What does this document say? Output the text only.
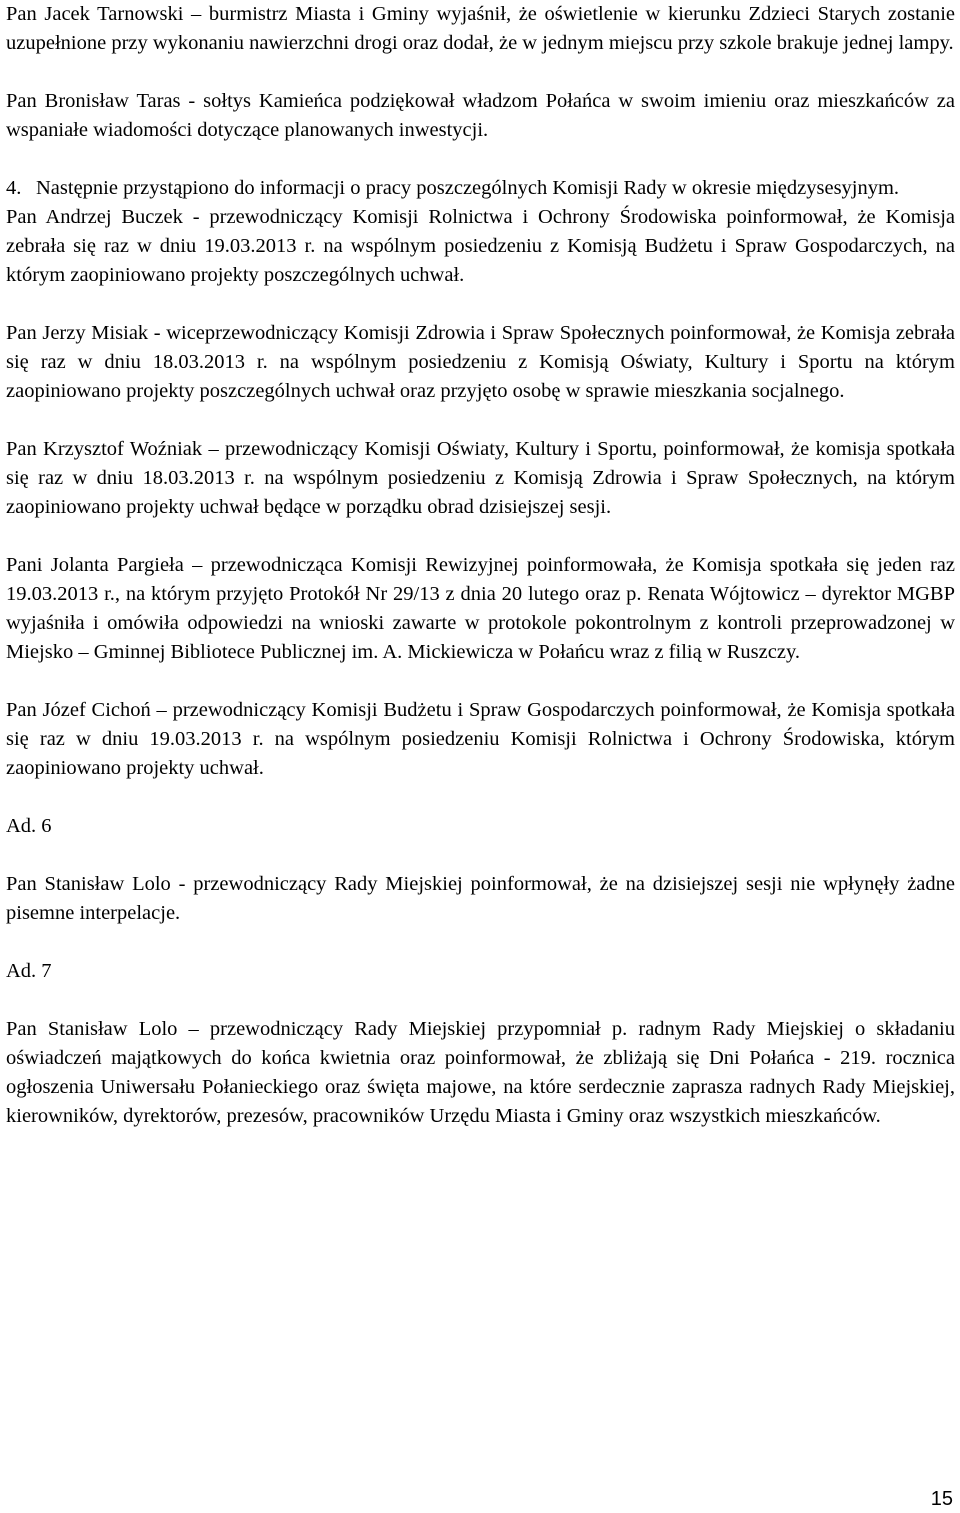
Pan Jacek Tarnowski – burmistrz Miasta i Gminy wyjaśnił, że oświetlenie w kierunku Zdzieci Starych zostanie uzupełnione przy wykonaniu nawierzchni drogi oraz dodał, że w jednym miejscu przy szkole brakuje jednej lampy.

Pan Bronisław Taras - sołtys Kamieńca podziękował władzom Połańca w swoim imieniu oraz mieszkańców za wspaniałe wiadomości dotyczące planowanych inwestycji.

4. Następnie przystąpiono do informacji o pracy poszczególnych Komisji Rady w okresie międzysesyjnym.

Pan Andrzej Buczek - przewodniczący Komisji Rolnictwa i Ochrony Środowiska poinformował, że Komisja zebrała się raz w dniu 19.03.2013 r. na wspólnym posiedzeniu z Komisją Budżetu i Spraw Gospodarczych, na którym zaopiniowano projekty poszczególnych uchwał.

Pan Jerzy Misiak - wiceprzewodniczący Komisji Zdrowia i Spraw Społecznych poinformował, że Komisja zebrała się raz w dniu 18.03.2013 r. na wspólnym posiedzeniu z Komisją Oświaty, Kultury i Sportu na którym zaopiniowano projekty poszczególnych uchwał oraz przyjęto osobę w sprawie mieszkania socjalnego.

Pan Krzysztof Woźniak – przewodniczący Komisji Oświaty, Kultury i Sportu, poinformował, że komisja spotkała się raz w dniu 18.03.2013 r. na wspólnym posiedzeniu z Komisją Zdrowia i Spraw Społecznych, na którym zaopiniowano projekty uchwał będące w porządku obrad dzisiejszej sesji.

Pani Jolanta Pargieła – przewodnicząca Komisji Rewizyjnej poinformowała, że Komisja spotkała się jeden raz 19.03.2013 r., na którym przyjęto Protokół Nr 29/13 z dnia 20 lutego oraz p. Renata Wójtowicz – dyrektor MGBP wyjaśniła i omówiła odpowiedzi na wnioski zawarte w protokole pokontrolnym z kontroli przeprowadzonej w Miejsko – Gminnej Bibliotece Publicznej im. A. Mickiewicza w Połańcu wraz z filią w Ruszczy.

Pan Józef Cichoń – przewodniczący Komisji Budżetu i Spraw Gospodarczych poinformował, że Komisja spotkała się raz w dniu 19.03.2013 r. na wspólnym posiedzeniu Komisji Rolnictwa i Ochrony Środowiska, którym zaopiniowano projekty uchwał.

Ad. 6

Pan Stanisław Lolo - przewodniczący Rady Miejskiej poinformował, że na dzisiejszej sesji nie wpłynęły żadne pisemne interpelacje.

Ad. 7

Pan Stanisław Lolo – przewodniczący Rady Miejskiej przypomniał p. radnym Rady Miejskiej o składaniu oświadczeń majątkowych do końca kwietnia oraz poinformował, że zbliżają się Dni Połańca - 219. rocznica ogłoszenia Uniwersału Połanieckiego oraz święta majowe, na które serdecznie zaprasza radnych Rady Miejskiej, kierowników, dyrektorów, prezesów, pracowników Urzędu Miasta i Gminy oraz wszystkich mieszkańców.

15
